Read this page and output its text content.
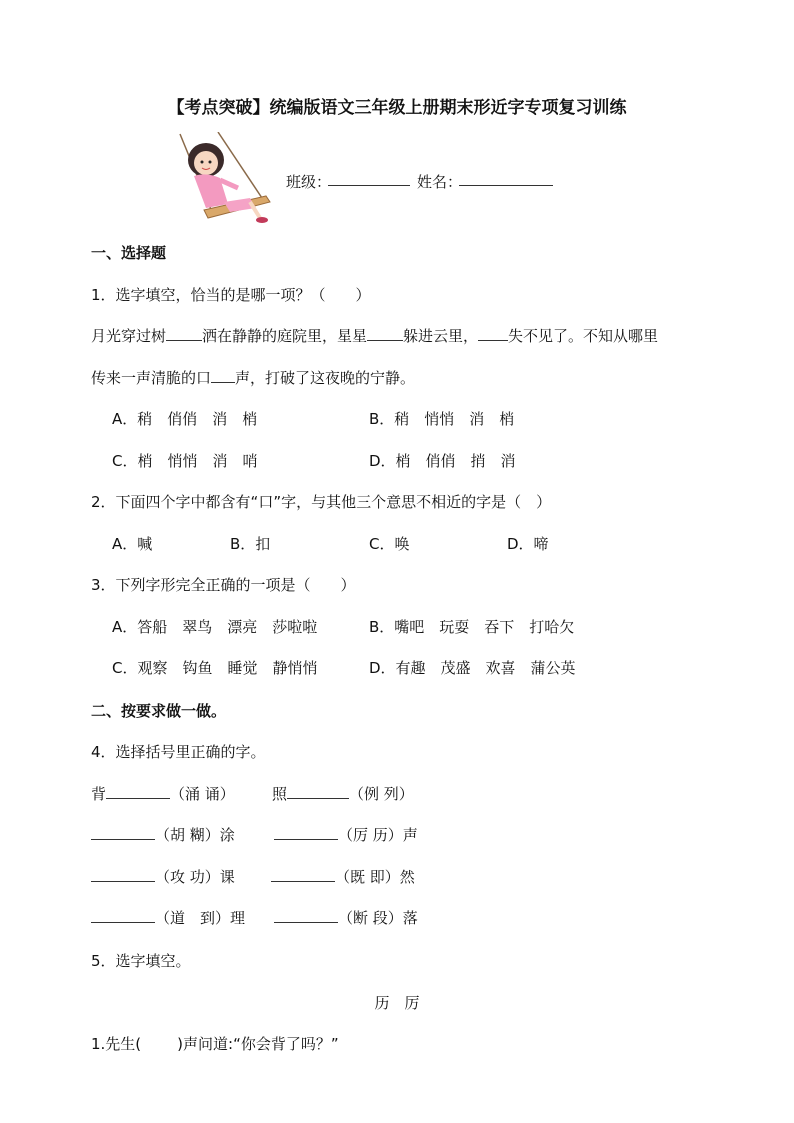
【考点突破】统编版语文三年级上册期末形近字专项复习训练
班级：	姓名：
一、选择题
1．选字填空，恰当的是哪一项？（　　）
月光穿过树 洒在静静的庭院里，星星 躲进云里， 失不见了。不知从哪里
传来一声清脆的口 声，打破了这夜晚的宁静。
A．稍　俏俏　消　梢	B．稍　悄悄　消　梢
C．梢　悄悄　消　哨	D．梢　俏俏　捎　消
2．下面四个字中都含有“口”字，与其他三个意思不相近的字是（　）
A．喊	B．扣	C．唤	D．啼
3．下列字形完全正确的一项是（　　）
A．答船　翠鸟　漂亮　莎啦啦	B．嘴吧　玩耍　吞下　打哈欠
C．观察　钩鱼　睡觉　静悄悄	D．有趣　茂盛　欢喜　蒲公英
二、按要求做一做。
4．选择括号里正确的字。
背	（涌 诵） 照	（例 列）
（胡 糊）涂	（厉 历）声
（攻 功）课	（既 即）然
（道　到）理	（断 段）落
5．选字填空。
历　厉
1.先生( )声问道:“你会背了吗？”
